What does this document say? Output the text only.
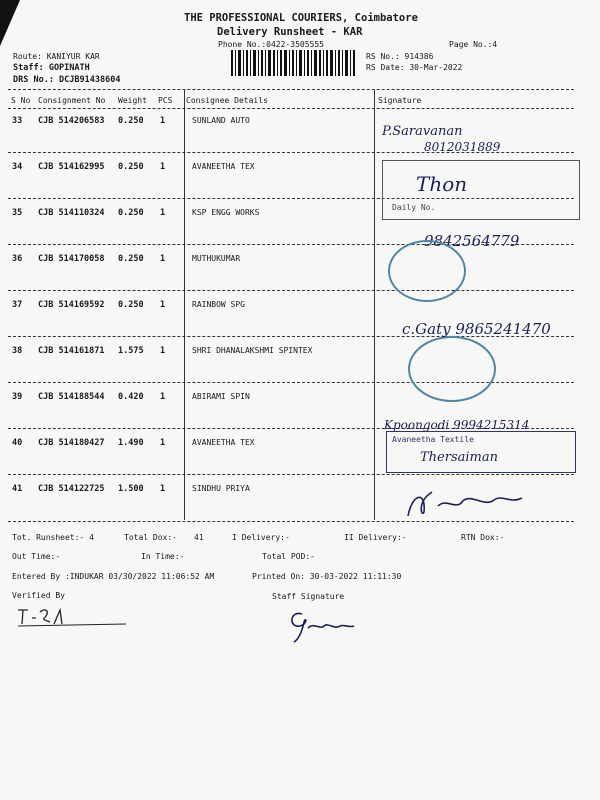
THE PROFESSIONAL COURIERS, Coimbatore
Delivery Runsheet - KAR
Phone No.:0422-3505555	Page No.:4
Route: KANIYUR KAR
Staff: GOPINATH
DRS No.: DCJB91438604
RS No.: 914386
RS Date: 30-Mar-2022
S No Consignment No Weight PCS Consignee Details	Signature
33 CJB 514206583 0.250 1	SUNLAND AUTO
34 CJB 514162995 0.250 1	AVANEETHA TEX
35 CJB 514110324 0.250 1	KSP ENGG WORKS
36 CJB 514170058 0.250 1	MUTHUKUMAR
37 CJB 514169592 0.250 1	RAINBOW SPG
38 CJB 514161871 1.575 1	SHRI DHANALAKSHMI SPINTEX
39 CJB 514188544 0.420 1	ABIRAMI SPIN
40 CJB 514180427 1.490 1	AVANEETHA TEX
41 CJB 514122725 1.500 1	SINDHU PRIYA
P.Saravanan
8012031889
Thon
Daily No.
9842564779
c.Gaty 9865241470
Kpoongodi 9994215314
Avaneetha Textile
Thersaiman
Tot. Runsheet:- 4	Total Dox:- 41	I Delivery:-	II Delivery:-	RTN Dox:-
Out Time:-	In Time:-	Total POD:-
Entered By :INDUKAR 03/30/2022 11:06:52 AM	Printed On: 30-03-2022 11:11:30
Verified By	Staff Signature
